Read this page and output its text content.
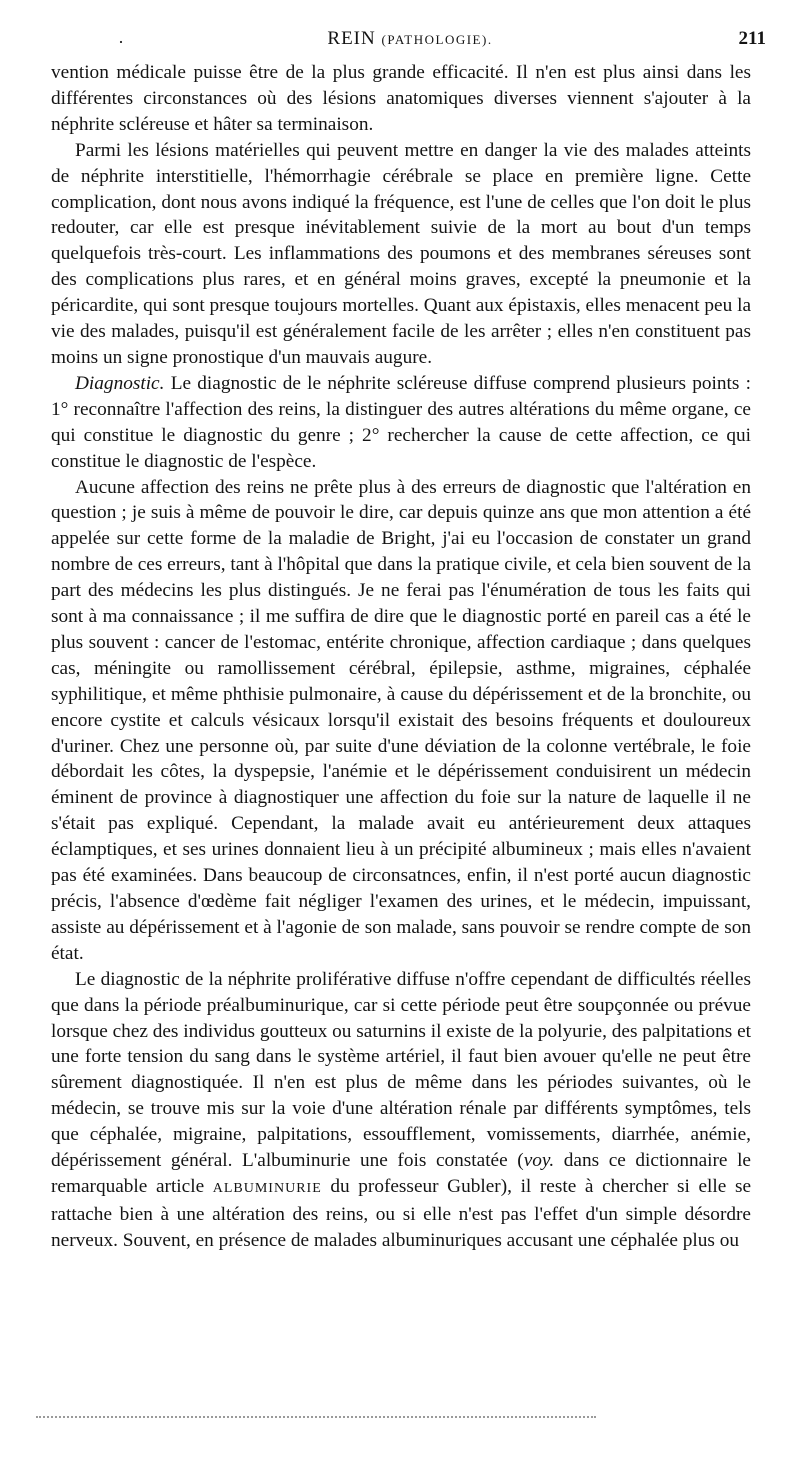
·	REIN (PATHOLOGIE).	211

vention médicale puisse être de la plus grande efficacité. Il n'en est plus ainsi dans les différentes circonstances où des lésions anatomiques diverses viennent s'ajouter à la néphrite scléreuse et hâter sa terminaison.

Parmi les lésions matérielles qui peuvent mettre en danger la vie des malades atteints de néphrite interstitielle, l'hémorrhagie cérébrale se place en première ligne. Cette complication, dont nous avons indiqué la fréquence, est l'une de celles que l'on doit le plus redouter, car elle est presque inévitablement suivie de la mort au bout d'un temps quelquefois très-court. Les inflammations des poumons et des membranes séreuses sont des complications plus rares, et en général moins graves, excepté la pneumonie et la péricardite, qui sont presque toujours mortelles. Quant aux épistaxis, elles menacent peu la vie des malades, puisqu'il est généralement facile de les arrêter ; elles n'en constituent pas moins un signe pronostique d'un mauvais augure.

Diagnostic. Le diagnostic de le néphrite scléreuse diffuse comprend plusieurs points : 1° reconnaître l'affection des reins, la distinguer des autres altérations du même organe, ce qui constitue le diagnostic du genre ; 2° rechercher la cause de cette affection, ce qui constitue le diagnostic de l'espèce.

Aucune affection des reins ne prête plus à des erreurs de diagnostic que l'altération en question ; je suis à même de pouvoir le dire, car depuis quinze ans que mon attention a été appelée sur cette forme de la maladie de Bright, j'ai eu l'occasion de constater un grand nombre de ces erreurs, tant à l'hôpital que dans la pratique civile, et cela bien souvent de la part des médecins les plus distingués. Je ne ferai pas l'énumération de tous les faits qui sont à ma connaissance ; il me suffira de dire que le diagnostic porté en pareil cas a été le plus souvent : cancer de l'estomac, entérite chronique, affection cardiaque ; dans quelques cas, méningite ou ramollissement cérébral, épilepsie, asthme, migraines, céphalée syphilitique, et même phthisie pulmonaire, à cause du dépérissement et de la bronchite, ou encore cystite et calculs vésicaux lorsqu'il existait des besoins fréquents et douloureux d'uriner. Chez une personne où, par suite d'une déviation de la colonne vertébrale, le foie débordait les côtes, la dyspepsie, l'anémie et le dépérissement conduisirent un médecin éminent de province à diagnostiquer une affection du foie sur la nature de laquelle il ne s'était pas expliqué. Cependant, la malade avait eu antérieurement deux attaques éclamptiques, et ses urines donnaient lieu à un précipité albumineux ; mais elles n'avaient pas été examinées. Dans beaucoup de circonsatnces, enfin, il n'est porté aucun diagnostic précis, l'absence d'œdème fait négliger l'examen des urines, et le médecin, impuissant, assiste au dépérissement et à l'agonie de son malade, sans pouvoir se rendre compte de son état.

Le diagnostic de la néphrite proliférative diffuse n'offre cependant de difficultés réelles que dans la période préalbuminurique, car si cette période peut être soupçonnée ou prévue lorsque chez des individus goutteux ou saturnins il existe de la polyurie, des palpitations et une forte tension du sang dans le système artériel, il faut bien avouer qu'elle ne peut être sûrement diagnostiquée. Il n'en est plus de même dans les périodes suivantes, où le médecin, se trouve mis sur la voie d'une altération rénale par différents symptômes, tels que céphalée, migraine, palpitations, essoufflement, vomissements, diarrhée, anémie, dépérissement général. L'albuminurie une fois constatée (voy. dans ce dictionnaire le remarquable article ALBUMINURIE du professeur Gubler), il reste à chercher si elle se rattache bien à une altération des reins, ou si elle n'est pas l'effet d'un simple désordre nerveux. Souvent, en présence de malades albuminuriques accusant une céphalée plus ou
